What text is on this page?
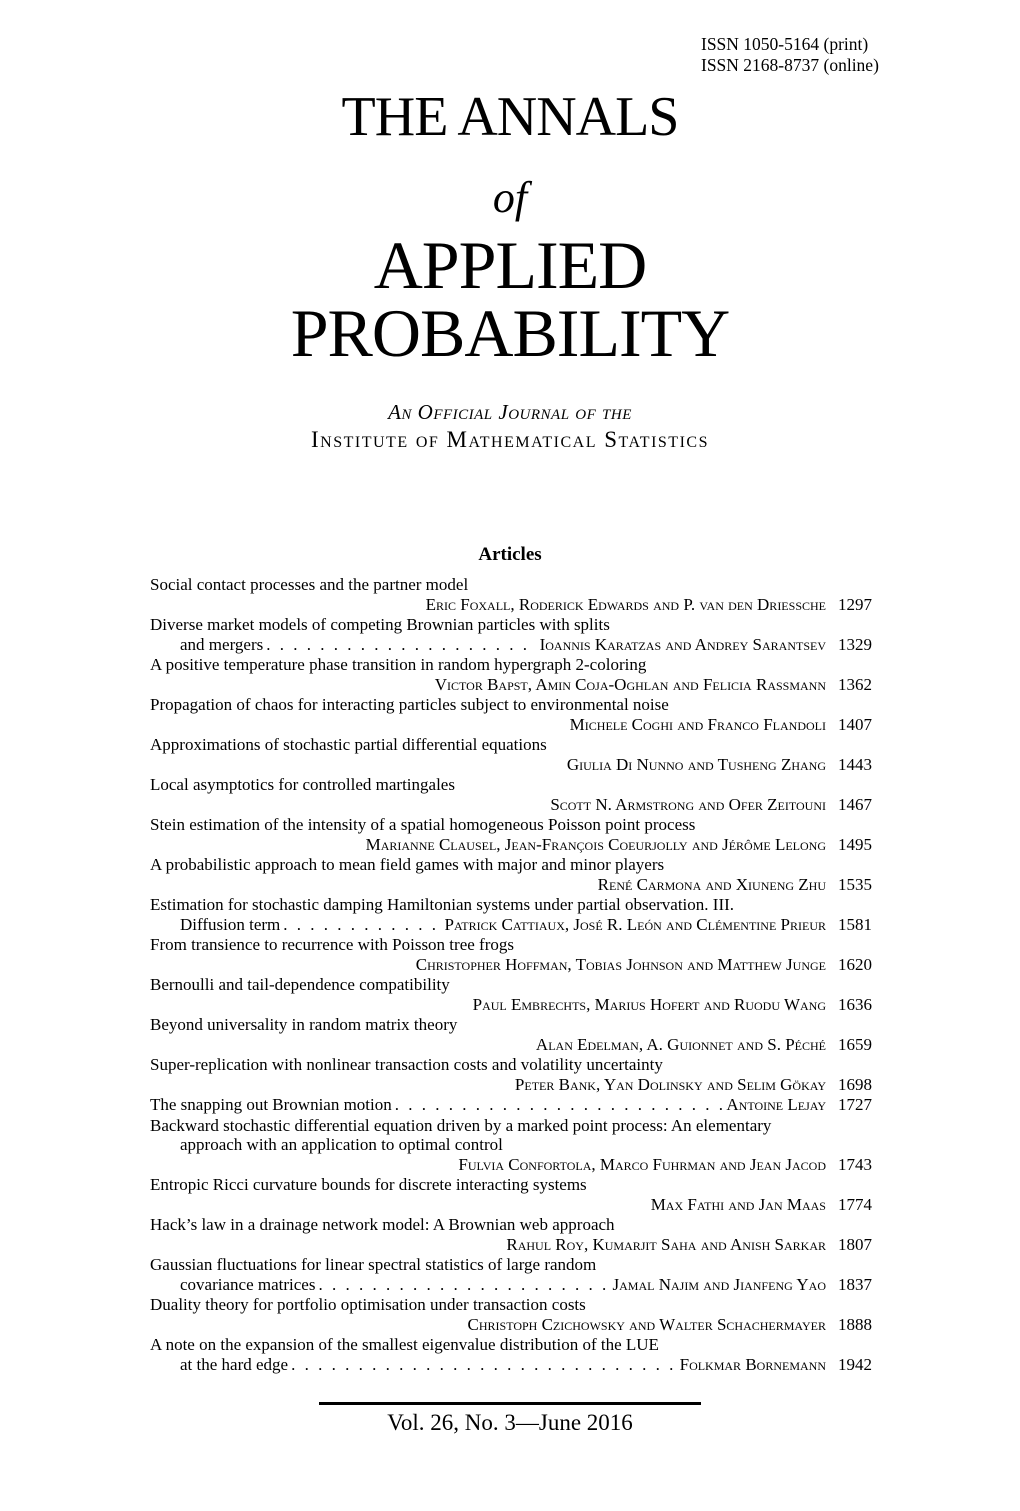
ISSN 1050-5164 (print)
ISSN 2168-8737 (online)
THE ANNALS
of
APPLIED
PROBABILITY
An Official Journal of the
Institute of Mathematical Statistics
Articles
Social contact processes and the partner model
Eric Foxall, Roderick Edwards and P. van den Driessche 1297
Diverse market models of competing Brownian particles with splits
and mergers . . .	Ioannis Karatzas and Andrey Sarantsev 1329
A positive temperature phase transition in random hypergraph 2-coloring
Victor Bapst, Amin Coja-Oghlan and Felicia Rassmann 1362
Propagation of chaos for interacting particles subject to environmental noise
Michele Coghi and Franco Flandoli 1407
Approximations of stochastic partial differential equations
Giulia Di Nunno and Tusheng Zhang 1443
Local asymptotics for controlled martingales
Scott N. Armstrong and Ofer Zeitouni 1467
Stein estimation of the intensity of a spatial homogeneous Poisson point process
Marianne Clausel, Jean-François Coeurjolly and Jérôme Lelong 1495
A probabilistic approach to mean field games with major and minor players
René Carmona and Xiuneng Zhu 1535
Estimation for stochastic damping Hamiltonian systems under partial observation. III.
Diffusion term . . .	Patrick Cattiaux, José R. León and Clémentine Prieur 1581
From transience to recurrence with Poisson tree frogs
Christopher Hoffman, Tobias Johnson and Matthew Junge 1620
Bernoulli and tail-dependence compatibility
Paul Embrechts, Marius Hofert and Ruodu Wang 1636
Beyond universality in random matrix theory
Alan Edelman, A. Guionnet and S. Péché 1659
Super-replication with nonlinear transaction costs and volatility uncertainty
Peter Bank, Yan Dolinsky and Selim Gökay 1698
The snapping out Brownian motion . . .	Antoine Lejay 1727
Backward stochastic differential equation driven by a marked point process: An elementary
approach with an application to optimal control
Fulvia Confortola, Marco Fuhrman and Jean Jacod 1743
Entropic Ricci curvature bounds for discrete interacting systems
Max Fathi and Jan Maas 1774
Hack’s law in a drainage network model: A Brownian web approach
Rahul Roy, Kumarjit Saha and Anish Sarkar 1807
Gaussian fluctuations for linear spectral statistics of large random
covariance matrices . . .	Jamal Najim and Jianfeng Yao 1837
Duality theory for portfolio optimisation under transaction costs
Christoph Czichowsky and Walter Schachermayer 1888
A note on the expansion of the smallest eigenvalue distribution of the LUE
at the hard edge . . .	Folkmar Bornemann 1942
Vol. 26, No. 3—June 2016
